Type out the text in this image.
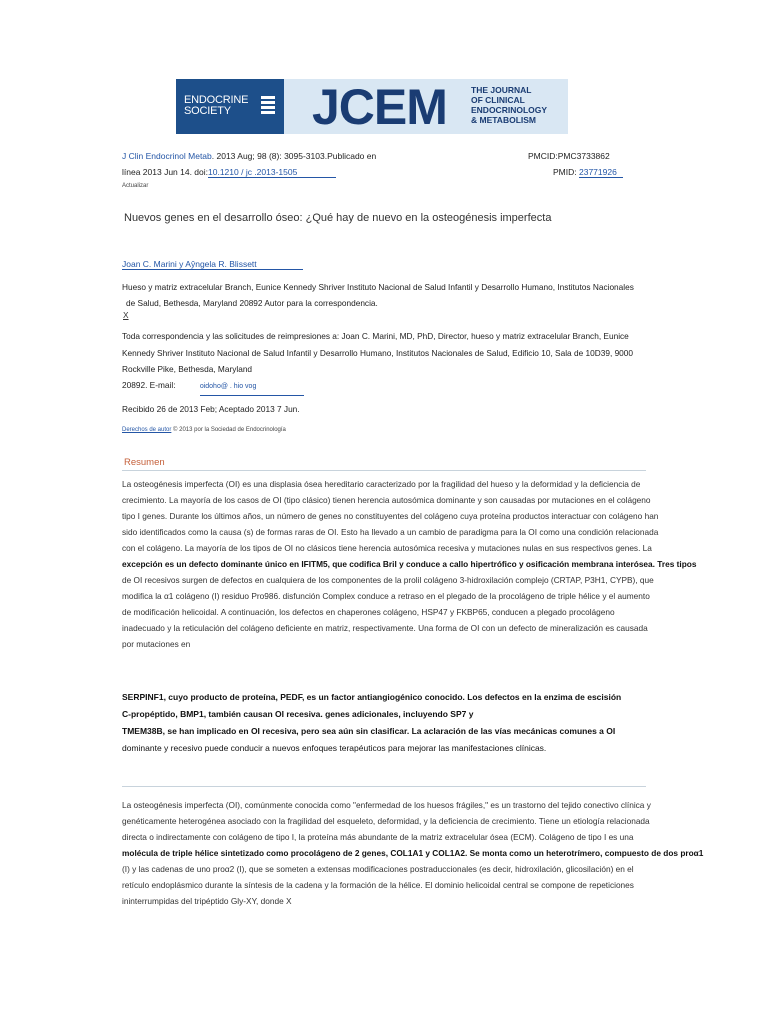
ENDOCRINE
SOCIETY	JCEM	THE JOURNAL
OF CLINICAL
ENDOCRINOLOGY
& METABOLISM
J Clin Endocrinol Metab. 2013 Aug; 98 (8): 3095-3103.Publicado en	PMCID:PMC3733862
línea 2013 Jun 14. doi:10.1210 / jc .2013-1505	PMID: 23771926
Actualizar
Nuevos genes en el desarrollo óseo: ¿Qué hay de nuevo en la osteogénesis imperfecta
Joan C. Marini y Aŷngela R. Blissett
Hueso y matriz extracelular Branch, Eunice Kennedy Shriver Instituto Nacional de Salud Infantil y Desarrollo Humano, Institutos Nacionales
de Salud, Bethesda, Maryland 20892 Autor para la correspondencia.
X
Toda correspondencia y las solicitudes de reimpresiones a: Joan C. Marini, MD, PhD, Director, hueso y matriz extracelular Branch, Eunice
Kennedy Shriver Instituto Nacional de Salud Infantil y Desarrollo Humano, Institutos Nacionales de Salud, Edificio 10, Sala de 10D39, 9000
Rockville Pike, Bethesda, Maryland
20892. E-mail:	oidoho@ . hio vog
Recibido 26 de 2013 Feb; Aceptado 2013 7 Jun.
Derechos de autor © 2013 por la Sociedad de Endocrinología
Resumen
La osteogénesis imperfecta (OI) es una displasia ósea hereditario caracterizado por la fragilidad del hueso y la deformidad y la deficiencia de
crecimiento. La mayoría de los casos de OI (tipo clásico) tienen herencia autosómica dominante y son causadas por mutaciones en el colágeno
tipo I genes. Durante los últimos años, un número de genes no constituyentes del colágeno cuya proteína productos interactuar con colágeno han
sido identificados como la causa (s) de formas raras de OI. Esto ha llevado a un cambio de paradigma para la OI como una condición relacionada
con el colágeno. La mayoría de los tipos de OI no clásicos tiene herencia autosómica recesiva y mutaciones nulas en sus respectivos genes. La
excepción es un defecto dominante único en IFITM5, que codifica Bril y conduce a callo hipertrófico y osificación membrana interósea. Tres tipos
de OI recesivos surgen de defectos en cualquiera de los componentes de la prolil colágeno 3-hidroxilación complejo (CRTAP, P3H1, CYPB), que
modifica la α1 colágeno (I) residuo Pro986. disfunción Complex conduce a retraso en el plegado de la procolágeno de triple hélice y el aumento
de modificación helicoidal. A continuación, los defectos en chaperones colágeno, HSP47 y FKBP65, conducen a plegado procolágeno
inadecuado y la reticulación del colágeno deficiente en matriz, respectivamente. Una forma de OI con un defecto de mineralización es causada
por mutaciones en
SERPINF1, cuyo producto de proteína, PEDF, es un factor antiangiogénico conocido. Los defectos en la enzima de escisión
C-propéptido, BMP1, también causan OI recesiva. genes adicionales, incluyendo SP7 y
TMEM38B, se han implicado en OI recesiva, pero sea aún sin clasificar. La aclaración de las vías mecánicas comunes a OI
dominante y recesivo puede conducir a nuevos enfoques terapéuticos para mejorar las manifestaciones clínicas.
La osteogénesis imperfecta (OI), comúnmente conocida como "enfermedad de los huesos frágiles," es un trastorno del tejido conectivo clínica y
genéticamente heterogénea asociado con la fragilidad del esqueleto, deformidad, y la deficiencia de crecimiento. Tiene un etiología relacionada
directa o indirectamente con colágeno de tipo I, la proteína más abundante de la matriz extracelular ósea (ECM). Colágeno de tipo I es una
molécula de triple hélice sintetizado como procolágeno de 2 genes, COL1A1 y COL1A2. Se monta como un heterotrímero, compuesto de dos proα1
(I) y las cadenas de uno proα2 (I), que se someten a extensas modificaciones postraduccionales (es decir, hidroxilación, glicosilación) en el
retículo endoplásmico durante la síntesis de la cadena y la formación de la hélice. El dominio helicoidal central se compone de repeticiones
ininterrumpidas del tripéptido Gly-XY, donde X
